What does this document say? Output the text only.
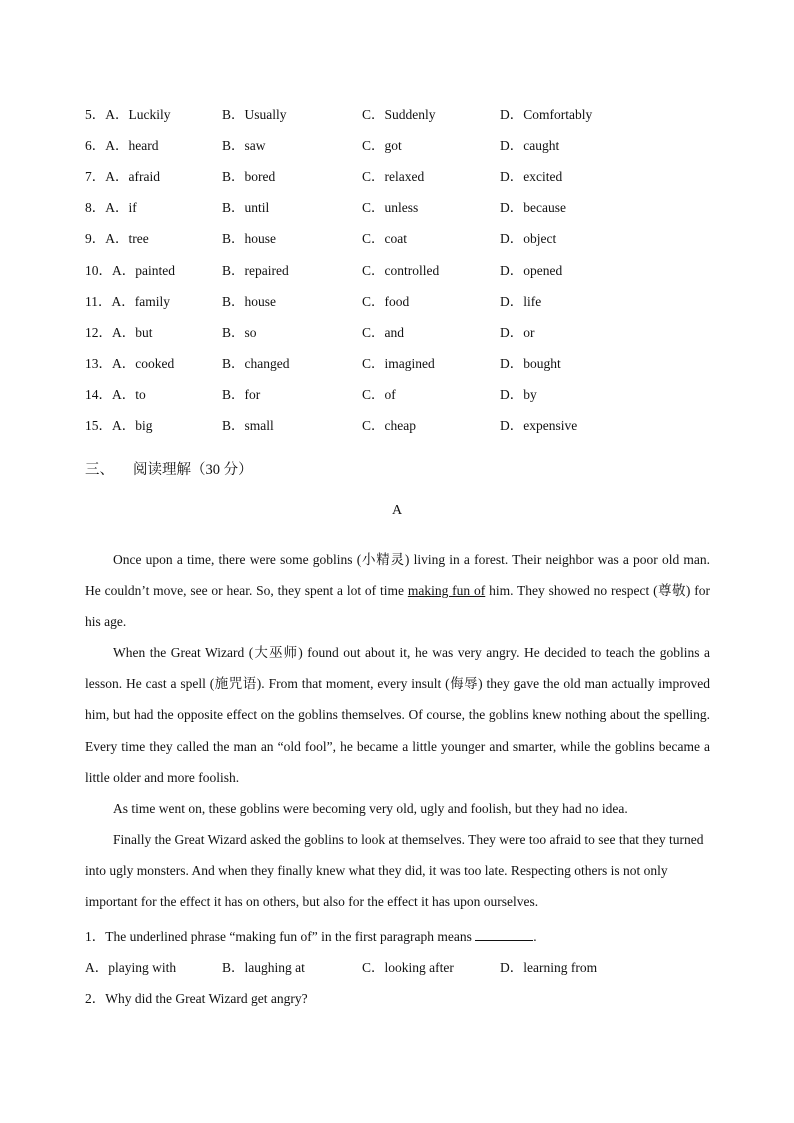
5．A．Luckily	B．Usually	C．Suddenly	D．Comfortably
6．A．heard	B．saw	C．got	D．caught
7．A．afraid	B．bored	C．relaxed	D．excited
8．A．if	B．until	C．unless	D．because
9．A．tree	B．house	C．coat	D．object
10．A．painted	B．repaired	C．controlled	D．opened
11．A．family	B．house	C．food	D．life
12．A．but	B．so	C．and	D．or
13．A．cooked	B．changed	C．imagined	D．bought
14．A．to	B．for	C．of	D．by
15．A．big	B．small	C．cheap	D．expensive
三、 阅读理解（30 分）
A

Once upon a time, there were some goblins (小精灵) living in a forest. Their neighbor was a poor old man. He couldn’t move, see or hear. So, they spent a lot of time making fun of him. They showed no respect (尊敬) for his age.

When the Great Wizard (大巫师) found out about it, he was very angry. He decided to teach the goblins a lesson. He cast a spell (施咒语). From that moment, every insult (侮辱) they gave the old man actually improved him, but had the opposite effect on the goblins themselves. Of course, the goblins knew nothing about the spelling. Every time they called the man an “old fool”, he became a little younger and smarter, while the goblins became a little older and more foolish.

As time went on, these goblins were becoming very old, ugly and foolish, but they had no idea.

Finally the Great Wizard asked the goblins to look at themselves. They were too afraid to see that they turned into ugly monsters. And when they finally knew what they did, it was too late. Respecting others is not only important for the effect it has on others, but also for the effect it has upon ourselves.

1．The underlined phrase “making fun of” in the first paragraph means	.
A．playing with	B．laughing at	C．looking after	D．learning from
2．Why did the Great Wizard get angry?
